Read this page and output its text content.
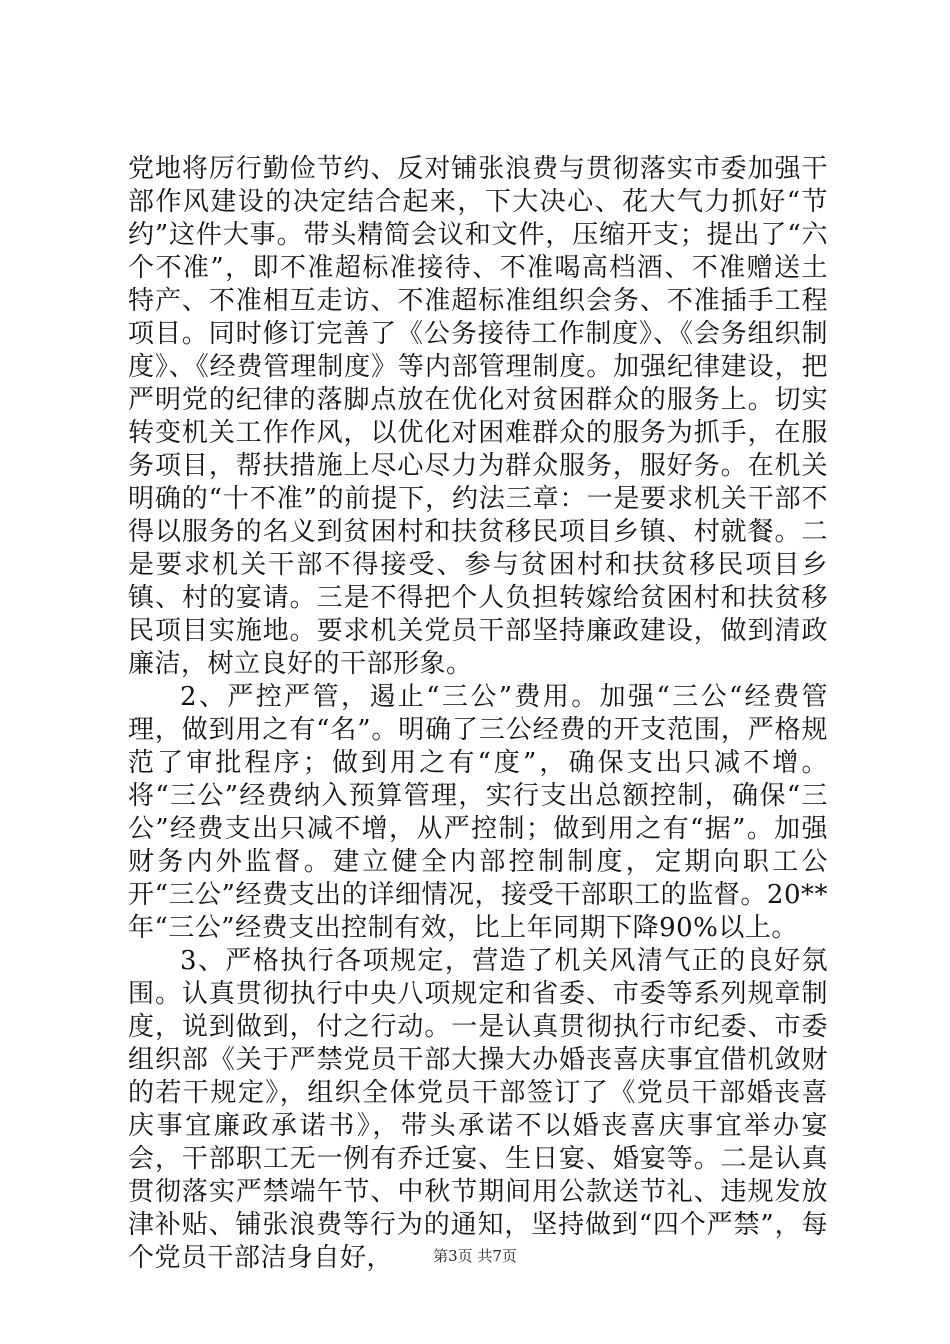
党地将厉行勤俭节约、反对铺张浪费与贯彻落实市委加强干部作风建设的决定结合起来，下大决心、花大气力抓好“节约”这件大事。带头精简会议和文件，压缩开支；提出了“六个不准”，即不准超标准接待、不准喝高档酒、不准赠送土特产、不准相互走访、不准超标准组织会务、不准插手工程项目。同时修订完善了《公务接待工作制度》、《会务组织制度》、《经费管理制度》等内部管理制度。加强纪律建设，把严明党的纪律的落脚点放在优化对贫困群众的服务上。切实转变机关工作作风，以优化对困难群众的服务为抓手，在服务项目，帮扶措施上尽心尽力为群众服务，服好务。在机关明确的“十不准”的前提下，约法三章：一是要求机关干部不得以服务的名义到贫困村和扶贫移民项目乡镇、村就餐。二是要求机关干部不得接受、参与贫困村和扶贫移民项目乡镇、村的宴请。三是不得把个人负担转嫁给贫困村和扶贫移民项目实施地。要求机关党员干部坚持廉政建设，做到清政廉洁，树立良好的干部形象。

2、严控严管，遏止“三公”费用。加强“三公“经费管理，做到用之有“名”。明确了三公经费的开支范围，严格规范了审批程序；做到用之有“度”，确保支出只减不增。将“三公”经费纳入预算管理，实行支出总额控制，确保“三公”经费支出只减不增，从严控制；做到用之有“据”。加强财务内外监督。建立健全内部控制制度，定期向职工公开“三公”经费支出的详细情况，接受干部职工的监督。20**年“三公”经费支出控制有效，比上年同期下降90%以上。

3、严格执行各项规定，营造了机关风清气正的良好氛围。认真贯彻执行中央八项规定和省委、市委等系列规章制度，说到做到，付之行动。一是认真贯彻执行市纪委、市委组织部《关于严禁党员干部大操大办婚丧喜庆事宜借机敛财的若干规定》，组织全体党员干部签订了《党员干部婚丧喜庆事宜廉政承诺书》，带头承诺不以婚丧喜庆事宜举办宴会，干部职工无一例有乔迁宴、生日宴、婚宴等。二是认真贯彻落实严禁端午节、中秋节期间用公款送节礼、违规发放津补贴、铺张浪费等行为的通知，坚持做到“四个严禁”，每个党员干部洁身自好，	第3页 共7页
